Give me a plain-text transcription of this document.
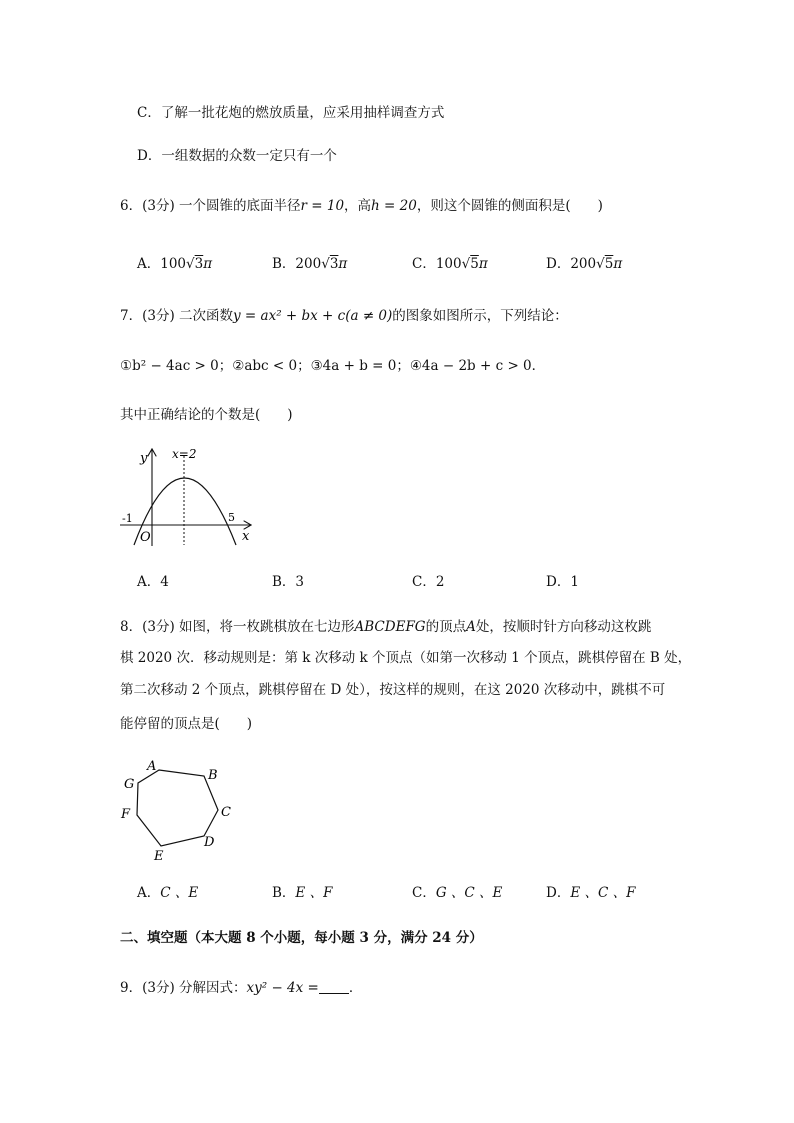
C．了解一批花炮的燃放质量，应采用抽样调查方式
D．一组数据的众数一定只有一个
6．(3分) 一个圆锥的底面半径r = 10，高h = 20，则这个圆锥的侧面积是(　　)
A．100√3π	B．200√3π	C．100√5π	D．200√5π
7．(3分) 二次函数y = ax² + bx + c(a ≠ 0)的图象如图所示，下列结论：
①b² − 4ac > 0；②abc < 0；③4a + b = 0；④4a − 2b + c > 0．
其中正确结论的个数是(　　)
y
x
O
x=2
-1	5
A．4	B．3	C．2	D．1
8．(3分) 如图，将一枚跳棋放在七边形ABCDEFG的顶点A处，按顺时针方向移动这枚跳
棋 2020 次．移动规则是：第 k 次移动 k 个顶点（如第一次移动 1 个顶点，跳棋停留在 B 处，
第二次移动 2 个顶点，跳棋停留在 D 处），按这样的规则，在这 2020 次移动中，跳棋不可
能停留的顶点是(　　)
A
B
C
D
E
F
G
A．C 、E	B．E 、F	C．G 、C 、E	D．E 、C 、F
二、填空题（本大题 8 个小题，每小题 3 分，满分 24 分）
9．(3分) 分解因式：xy² − 4x = ．
